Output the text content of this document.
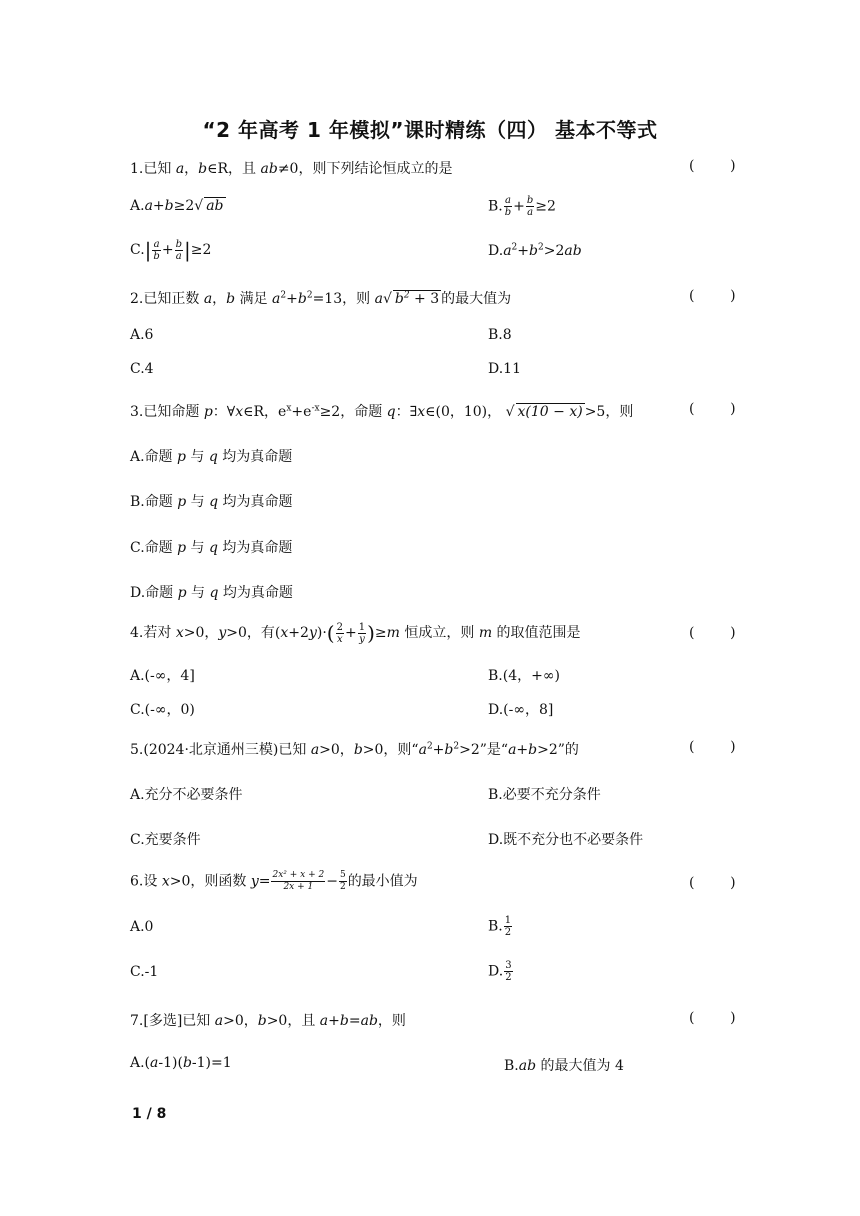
“2 年高考 1 年模拟”课时精练（四） 基本不等式
1.已知 a，b∈R，且 ab≠0，则下列结论恒成立的是	(        )
A.a+b≥2√ ab	B. $\frac{a}{b} + \frac{b}{a} \ge 2$
$C.| \frac{a}{b} + \frac{b}{a} |\ge 2$	$D.a^2+b^2>2ab$
2.已知正数 a，b 满足 $a^2+b^2=13$，则 a√ $b^2 + 3$ 的最大值为	(        )
A.6	B.8
C.4	D.11
3.已知命题 p：∀x∈R，$e^x+e^{-x}\ge 2$，命题 q：∃x∈(0，10)， √ x(10 − x) >5，则	(        )
A.命题 p 与 q 均为真命题
B.命题 p 与 q 均为真命题
C.命题 p 与 q 均为真命题
D.命题 p 与 q 均为真命题
4.若对 x>0，y>0，有$(x+2y)\cdot( \frac{2}{x} + \frac{1}{y} )\ge m$ 恒成立，则 m 的取值范围是	(        )
A.(-∞，4]	B.(4，+∞)
C.(-∞，0)	D.(-∞，8]
5.(2024·北京通州三模)已知 a>0，b>0，则“$a^2+b^2>2$”是“a+b>2”的	(        )
A.充分不必要条件	B.必要不充分条件
C.充要条件	D.既不充分也不必要条件
6.设 x>0，则函数 $y= \frac{\text{2x² + x + 2}}{2x + 1} - \frac{5}{2}$ 的最小值为	(        )
A.0	B. $\frac{1}{2}$
C.-1	D. $\frac{3}{2}$
7.[多选]已知 a>0，b>0，且 a+b=ab，则	(        )
A.(a-1)(b-1)=1	B.ab 的最大值为 4
1 / 8
